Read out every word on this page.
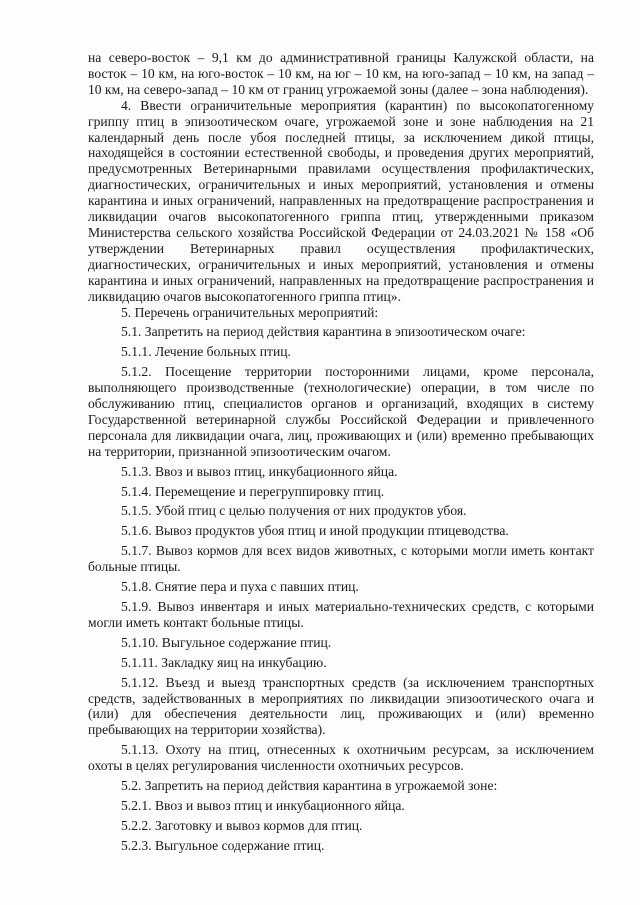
на северо-восток – 9,1 км до административной границы Калужской области, на восток – 10 км, на юго-восток – 10 км, на юг – 10 км, на юго-запад – 10 км, на запад – 10 км, на северо-запад – 10 км от границ угрожаемой зоны (далее – зона наблюдения).

4. Ввести ограничительные мероприятия (карантин) по высокопатогенному гриппу птиц в эпизоотическом очаге, угрожаемой зоне и зоне наблюдения на 21 календарный день после убоя последней птицы, за исключением дикой птицы, находящейся в состоянии естественной свободы, и проведения других мероприятий, предусмотренных Ветеринарными правилами осуществления профилактических, диагностических, ограничительных и иных мероприятий, установления и отмены карантина и иных ограничений, направленных на предотвращение распространения и ликвидации очагов высокопатогенного гриппа птиц, утвержденными приказом Министерства сельского хозяйства Российской Федерации от 24.03.2021 № 158 «Об утверждении Ветеринарных правил осуществления профилактических, диагностических, ограничительных и иных мероприятий, установления и отмены карантина и иных ограничений, направленных на предотвращение распространения и ликвидацию очагов высокопатогенного гриппа птиц».

5. Перечень ограничительных мероприятий:

5.1. Запретить на период действия карантина в эпизоотическом очаге:

5.1.1. Лечение больных птиц.

5.1.2. Посещение территории посторонними лицами, кроме персонала, выполняющего производственные (технологические) операции, в том числе по обслуживанию птиц, специалистов органов и организаций, входящих в систему Государственной ветеринарной службы Российской Федерации и привлеченного персонала для ликвидации очага, лиц, проживающих и (или) временно пребывающих на территории, признанной эпизоотическим очагом.

5.1.3. Ввоз и вывоз птиц, инкубационного яйца.

5.1.4. Перемещение и перегруппировку птиц.

5.1.5. Убой птиц с целью получения от них продуктов убоя.

5.1.6. Вывоз продуктов убоя птиц и иной продукции птицеводства.

5.1.7. Вывоз кормов для всех видов животных, с которыми могли иметь контакт больные птицы.

5.1.8. Снятие пера и пуха с павших птиц.

5.1.9. Вывоз инвентаря и иных материально-технических средств, с которыми могли иметь контакт больные птицы.

5.1.10. Выгульное содержание птиц.

5.1.11. Закладку яиц на инкубацию.

5.1.12. Въезд и выезд транспортных средств (за исключением транспортных средств, задействованных в мероприятиях по ликвидации эпизоотического очага и (или) для обеспечения деятельности лиц, проживающих и (или) временно пребывающих на территории хозяйства).

5.1.13. Охоту на птиц, отнесенных к охотничьим ресурсам, за исключением охоты в целях регулирования численности охотничьих ресурсов.

5.2. Запретить на период действия карантина в угрожаемой зоне:

5.2.1. Ввоз и вывоз птиц и инкубационного яйца.

5.2.2. Заготовку и вывоз кормов для птиц.

5.2.3. Выгульное содержание птиц.
